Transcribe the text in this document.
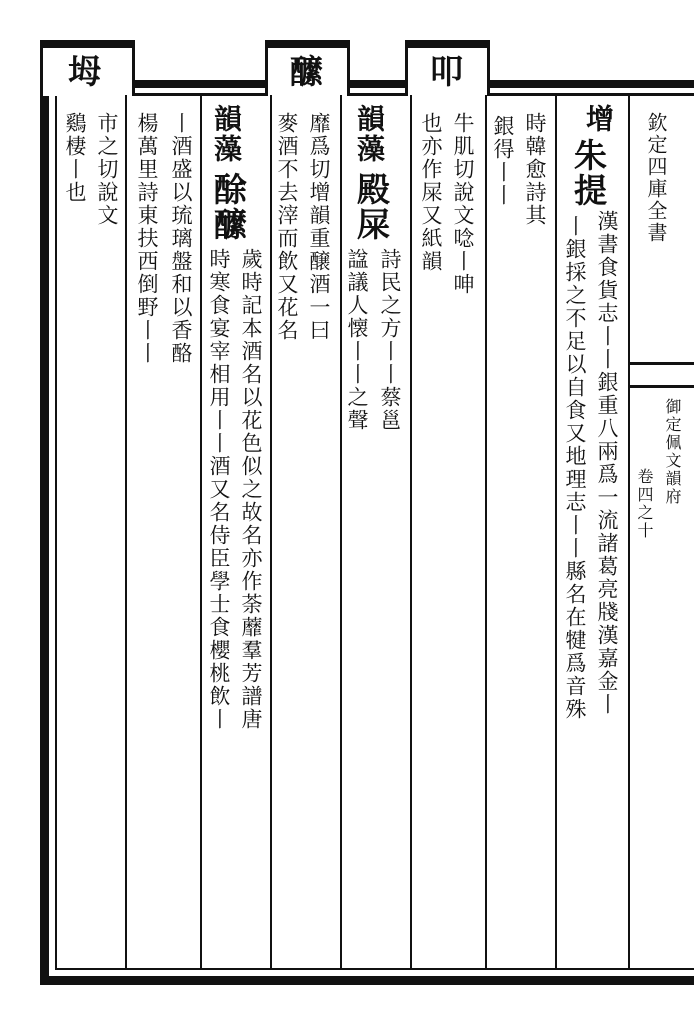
欽定四庫全書
御定佩文韻府
卷四之十
增
朱提
漢書食貨志丨丨銀重八兩爲一流諸葛亮牋漢嘉金丨
丨銀採之不足以自食又地理志丨丨縣名在犍爲音殊
銀得丨丨 時韓愈詩其
叩
牛肌切說文唸丨呻
也亦作屎又紙韻
韻藻
殿屎
詩民之方丨丨蔡邕
諡議人懐丨丨之聲
醿
靡爲切增韻重醸酒一曰
麥酒不去滓而飲又花名
韻藻
酴醿
歲時記本酒名以花色似之故名亦作荼蘼羣芳譜唐
時寒食宴宰相用丨丨酒又名侍臣學士食櫻桃飲丨
丨酒盛以琉璃盤和以香酪
楊萬里詩東扶西倒野丨丨
坶
市之切說文
鷄棲丨也
